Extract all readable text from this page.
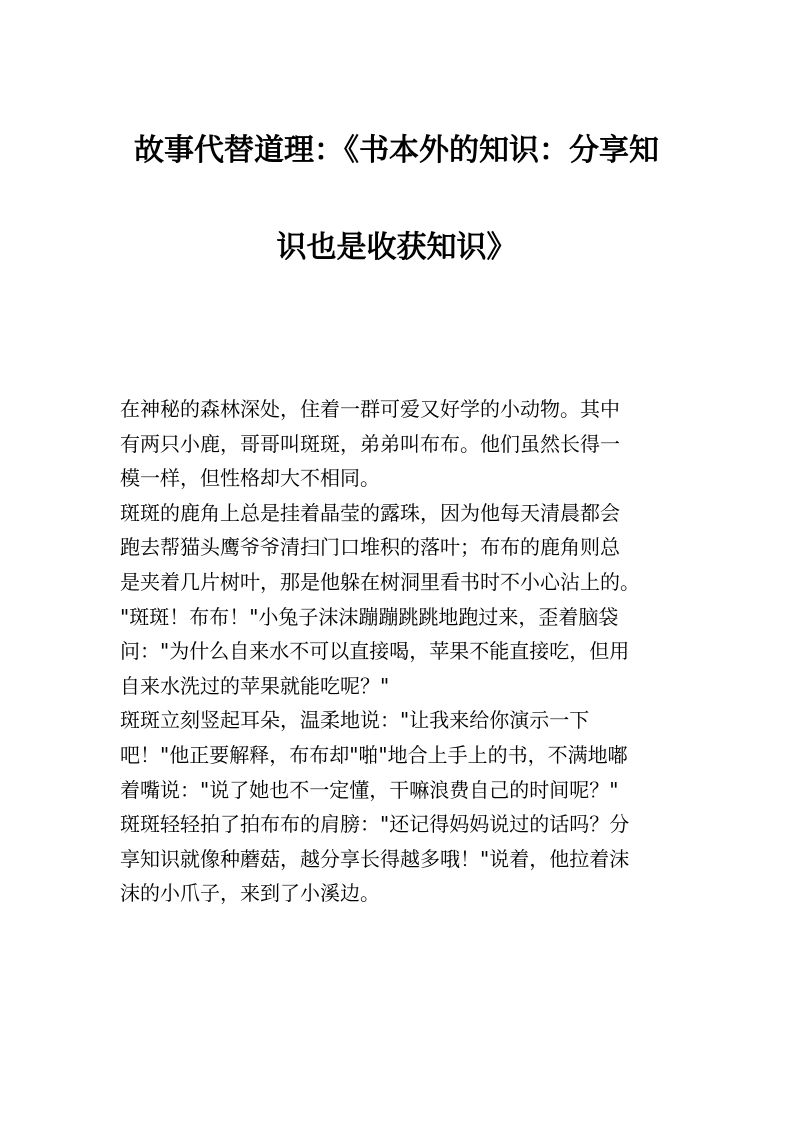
故事代替道理：《书本外的知识：分享知
识也是收获知识》

在神秘的森林深处，住着一群可爱又好学的小动物。其中
有两只小鹿，哥哥叫斑斑，弟弟叫布布。他们虽然长得一
模一样，但性格却大不相同。

斑斑的鹿角上总是挂着晶莹的露珠，因为他每天清晨都会
跑去帮猫头鹰爷爷清扫门口堆积的落叶；布布的鹿角则总
是夹着几片树叶，那是他躲在树洞里看书时不小心沾上的。

"斑斑！布布！"小兔子沫沫蹦蹦跳跳地跑过来，歪着脑袋
问："为什么自来水不可以直接喝，苹果不能直接吃，但用
自来水洗过的苹果就能吃呢？"

斑斑立刻竖起耳朵，温柔地说："让我来给你演示一下
吧！"他正要解释，布布却"啪"地合上手上的书，不满地嘟
着嘴说："说了她也不一定懂，干嘛浪费自己的时间呢？"

斑斑轻轻拍了拍布布的肩膀："还记得妈妈说过的话吗？分
享知识就像种蘑菇，越分享长得越多哦！"说着，他拉着沫
沫的小爪子，来到了小溪边。
